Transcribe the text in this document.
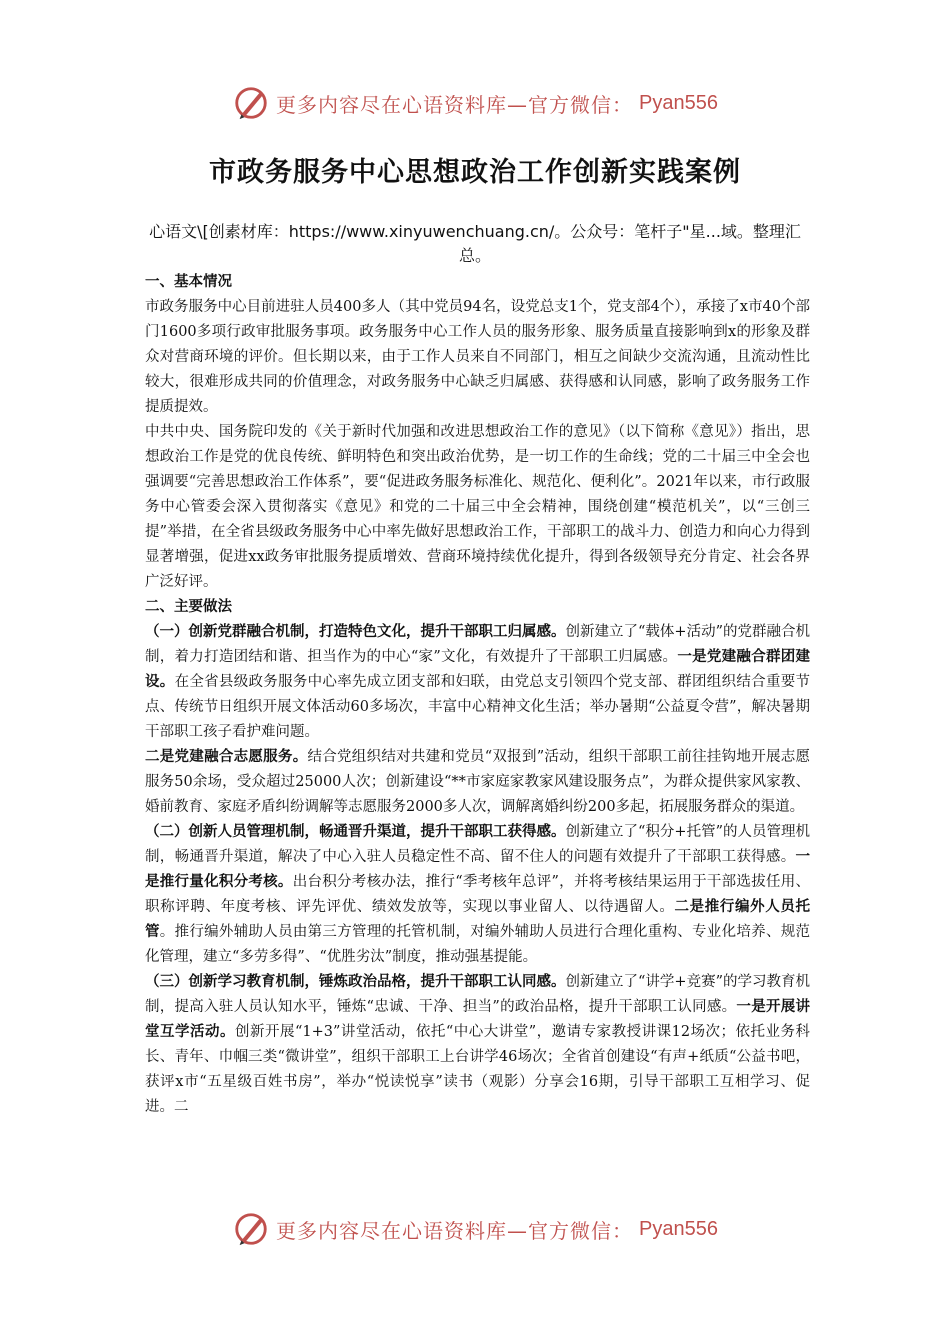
更多内容尽在心语资料库—官方微信： Pyan556
市政务服务中心思想政治工作创新实践案例
心语文\[创素材库：https://www.xinyuwenchuang.cn/。公众号：笔杆子"星...域。整理汇总。

一、基本情况

市政务服务中心目前进驻人员400多人（其中党员94名，设党总支1个，党支部4个），承接了x市40个部门1600多项行政审批服务事项。政务服务中心工作人员的服务形象、服务质量直接影响到x的形象及群众对营商环境的评价。但长期以来，由于工作人员来自不同部门，相互之间缺少交流沟通，且流动性比较大，很难形成共同的价值理念，对政务服务中心缺乏归属感、获得感和认同感，影响了政务服务工作提质提效。

中共中央、国务院印发的《关于新时代加强和改进思想政治工作的意见》（以下简称《意见》）指出，思想政治工作是党的优良传统、鲜明特色和突出政治优势，是一切工作的生命线；党的二十届三中全会也强调要“完善思想政治工作体系”，要“促进政务服务标准化、规范化、便利化”。2021年以来，市行政服务中心管委会深入贯彻落实《意见》和党的二十届三中全会精神，围绕创建“模范机关”，以“三创三提”举措，在全省县级政务服务中心中率先做好思想政治工作，干部职工的战斗力、创造力和向心力得到显著增强，促进xx政务审批服务提质增效、营商环境持续优化提升，得到各级领导充分肯定、社会各界广泛好评。

二、主要做法

（一）创新党群融合机制，打造特色文化，提升干部职工归属感。创新建立了“载体+活动”的党群融合机制，着力打造团结和谐、担当作为的中心“家”文化，有效提升了干部职工归属感。一是党建融合群团建设。在全省县级政务服务中心率先成立团支部和妇联，由党总支引领四个党支部、群团组织结合重要节点、传统节日组织开展文体活动60多场次，丰富中心精神文化生活；举办暑期“公益夏令营”，解决暑期干部职工孩子看护难问题。

二是党建融合志愿服务。结合党组织结对共建和党员“双报到”活动，组织干部职工前往挂钩地开展志愿服务50余场，受众超过25000人次；创新建设“**市家庭家教家风建设服务点”，为群众提供家风家教、婚前教育、家庭矛盾纠纷调解等志愿服务2000多人次，调解离婚纠纷200多起，拓展服务群众的渠道。

（二）创新人员管理机制，畅通晋升渠道，提升干部职工获得感。创新建立了“积分+托管”的人员管理机制，畅通晋升渠道，解决了中心入驻人员稳定性不高、留不住人的问题有效提升了干部职工获得感。一是推行量化积分考核。出台积分考核办法，推行“季考核年总评”，并将考核结果运用于干部选拔任用、职称评聘、年度考核、评先评优、绩效发放等，实现以事业留人、以待遇留人。二是推行编外人员托管。推行编外辅助人员由第三方管理的托管机制，对编外辅助人员进行合理化重构、专业化培养、规范化管理，建立“多劳多得”、“优胜劣汰”制度，推动强基提能。

（三）创新学习教育机制，锤炼政治品格，提升干部职工认同感。创新建立了“讲学+竞赛”的学习教育机制，提高入驻人员认知水平，锤炼“忠诚、干净、担当”的政治品格，提升干部职工认同感。一是开展讲堂互学活动。创新开展“1+3”讲堂活动，依托“中心大讲堂”，邀请专家教授讲课12场次；依托业务科长、青年、巾帼三类“微讲堂”，组织干部职工上台讲学46场次；全省首创建设“有声+纸质“公益书吧，获评x市“五星级百姓书房”，举办“悦读悦享”读书（观影）分享会16期，引导干部职工互相学习、促进。二

更多内容尽在心语资料库—官方微信： Pyan556
